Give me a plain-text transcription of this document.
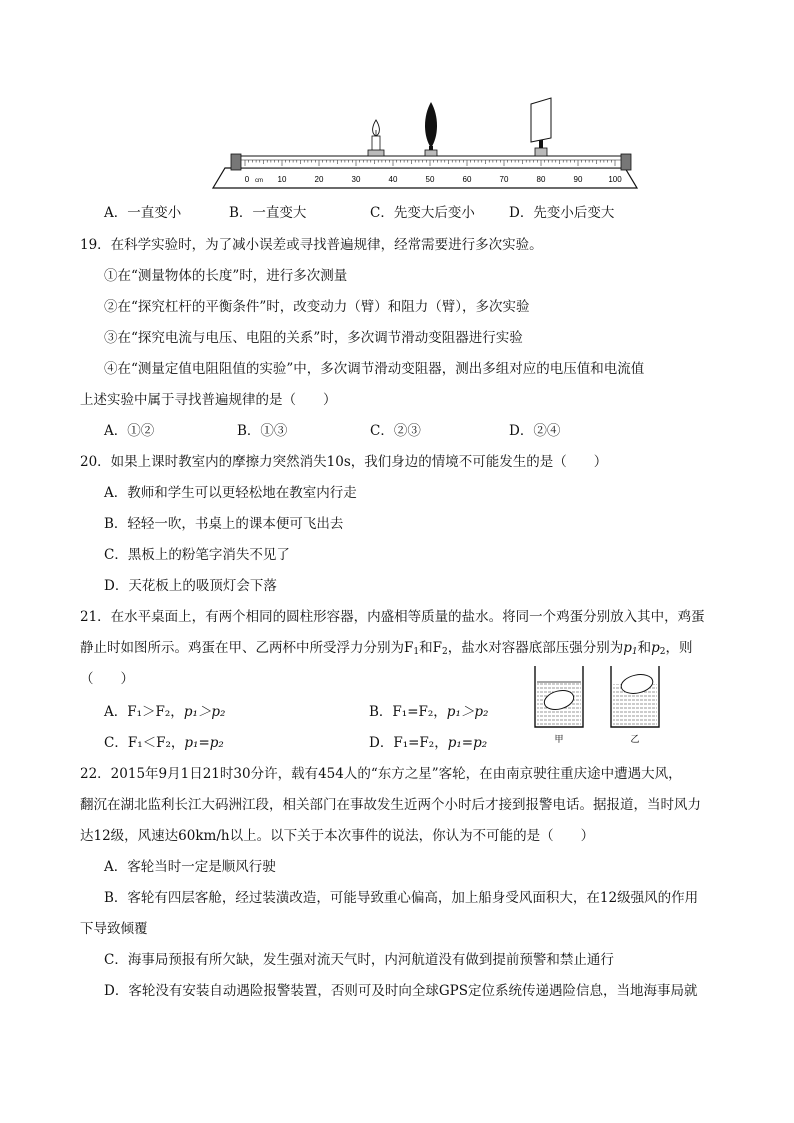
0	10	20	30	40	50	60	70	80	90	100
cm
A．一直变小	B．一直变大	C．先变大后变小	D．先变小后变大
19．在科学实验时，为了减小误差或寻找普遍规律，经常需要进行多次实验。
①在“测量物体的长度”时，进行多次测量
②在“探究杠杆的平衡条件”时，改变动力（臂）和阻力（臂），多次实验
③在“探究电流与电压、电阻的关系”时，多次调节滑动变阻器进行实验
④在“测量定值电阻阻值的实验”中，多次调节滑动变阻器，测出多组对应的电压值和电流值
上述实验中属于寻找普遍规律的是（　　）
A．①②	B．①③	C．②③	D．②④
20．如果上课时教室内的摩擦力突然消失10s，我们身边的情境不可能发生的是（　　）
A．教师和学生可以更轻松地在教室内行走
B．轻轻一吹，书桌上的课本便可飞出去
C．黑板上的粉笔字消失不见了
D．天花板上的吸顶灯会下落
21．在水平桌面上，有两个相同的圆柱形容器，内盛相等质量的盐水。将同一个鸡蛋分别放入其中，鸡蛋
静止时如图所示。鸡蛋在甲、乙两杯中所受浮力分别为$F_1$和$F_2$，盐水对容器底部压强分别为$p_1$和$p_2$，则
（　　）
A．F₁＞F₂，p₁＞p₂	B．F₁=F₂，p₁＞p₂
C．F₁＜F₂，p₁=p₂	D．F₁=F₂，p₁=p₂	甲	乙
22．2015年9月1日21时30分许，载有454人的“东方之星”客轮，在由南京驶往重庆途中遭遇大风，
翻沉在湖北监利长江大码洲江段，相关部门在事故发生近两个小时后才接到报警电话。据报道，当时风力
达12级，风速达60km/h以上。以下关于本次事件的说法，你认为不可能的是（　　）
A．客轮当时一定是顺风行驶
B．客轮有四层客舱，经过装潢改造，可能导致重心偏高，加上船身受风面积大，在12级强风的作用
下导致倾覆
C．海事局预报有所欠缺，发生强对流天气时，内河航道没有做到提前预警和禁止通行
D．客轮没有安装自动遇险报警装置，否则可及时向全球GPS定位系统传递遇险信息，当地海事局就
